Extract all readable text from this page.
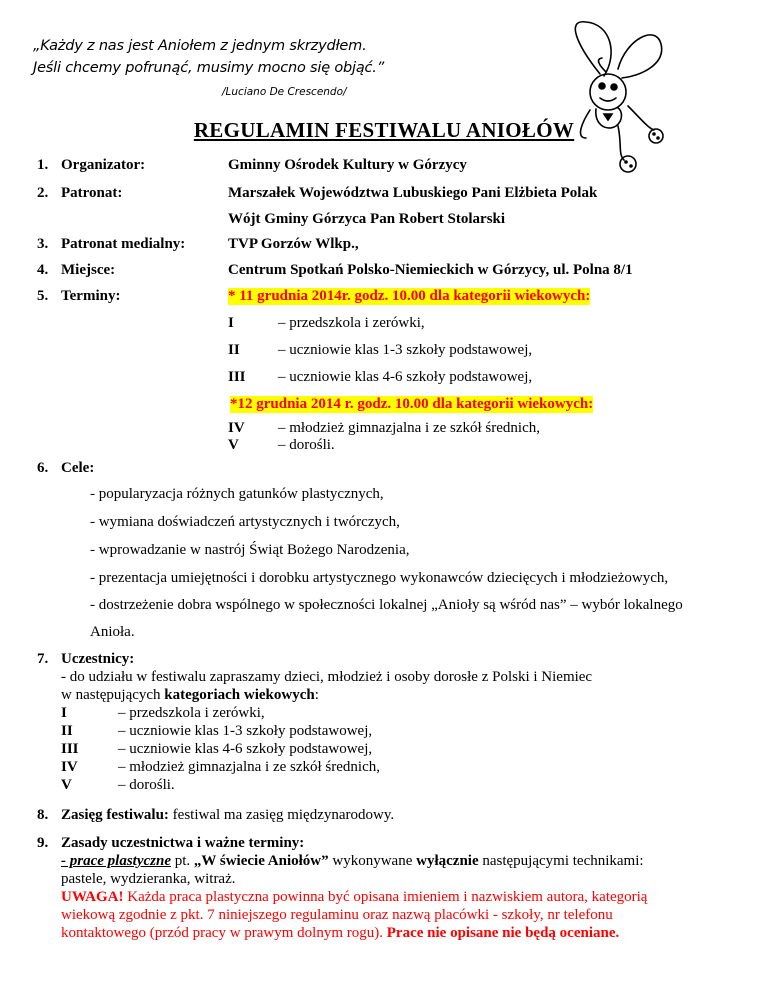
„Każdy z nas jest Aniołem z jednym skrzydłem.
Jeśli chcemy pofrunąć, musimy mocno się objąć.”
/Luciano De Crescendo/
REGULAMIN FESTIWALU ANIOŁÓW
1. Organizator:	Gminny Ośrodek Kultury w Górzycy
2. Patronat:	Marszałek Województwa Lubuskiego Pani Elżbieta Polak
Wójt Gminy Górzyca Pan Robert Stolarski
3. Patronat medialny:	TVP Gorzów Wlkp.,
4. Miejsce:	Centrum Spotkań Polsko-Niemieckich w Górzycy, ul. Polna 8/1
5. Terminy:	* 11 grudnia 2014r. godz. 10.00 dla kategorii wiekowych:
I	– przedszkola i zerówki,
II	– uczniowie klas 1-3 szkoły podstawowej,
III – uczniowie klas 4-6 szkoły podstawowej,
*12 grudnia 2014 r. godz. 10.00 dla kategorii wiekowych:
IV – młodzież gimnazjalna i ze szkół średnich,
V	– dorośli.
6. Cele:
- popularyzacja różnych gatunków plastycznych,
- wymiana doświadczeń artystycznych i twórczych,
- wprowadzanie w nastrój Świąt Bożego Narodzenia,
- prezentacja umiejętności i dorobku artystycznego wykonawców dziecięcych i młodzieżowych,
- dostrzeżenie dobra wspólnego w społeczności lokalnej „Anioły są wśród nas” – wybór lokalnego
Anioła.
7. Uczestnicy:
- do udziału w festiwalu zapraszamy dzieci, młodzież i osoby dorosłe z Polski i Niemiec
w następujących kategoriach wiekowych:
I	– przedszkola i zerówki,
II	– uczniowie klas 1-3 szkoły podstawowej,
III	– uczniowie klas 4-6 szkoły podstawowej,
IV	– młodzież gimnazjalna i ze szkół średnich,
V	– dorośli.
8. Zasięg festiwalu: festiwal ma zasięg międzynarodowy.
9. Zasady uczestnictwa i ważne terminy:
- prace plastyczne pt. „W świecie Aniołów” wykonywane wyłącznie następującymi technikami:
pastele, wydzieranka, witraż.
UWAGA! Każda praca plastyczna powinna być opisana imieniem i nazwiskiem autora, kategorią
wiekową zgodnie z pkt. 7 niniejszego regulaminu oraz nazwą placówki - szkoły, nr telefonu
kontaktowego (przód pracy w prawym dolnym rogu). Prace nie opisane nie będą oceniane.
